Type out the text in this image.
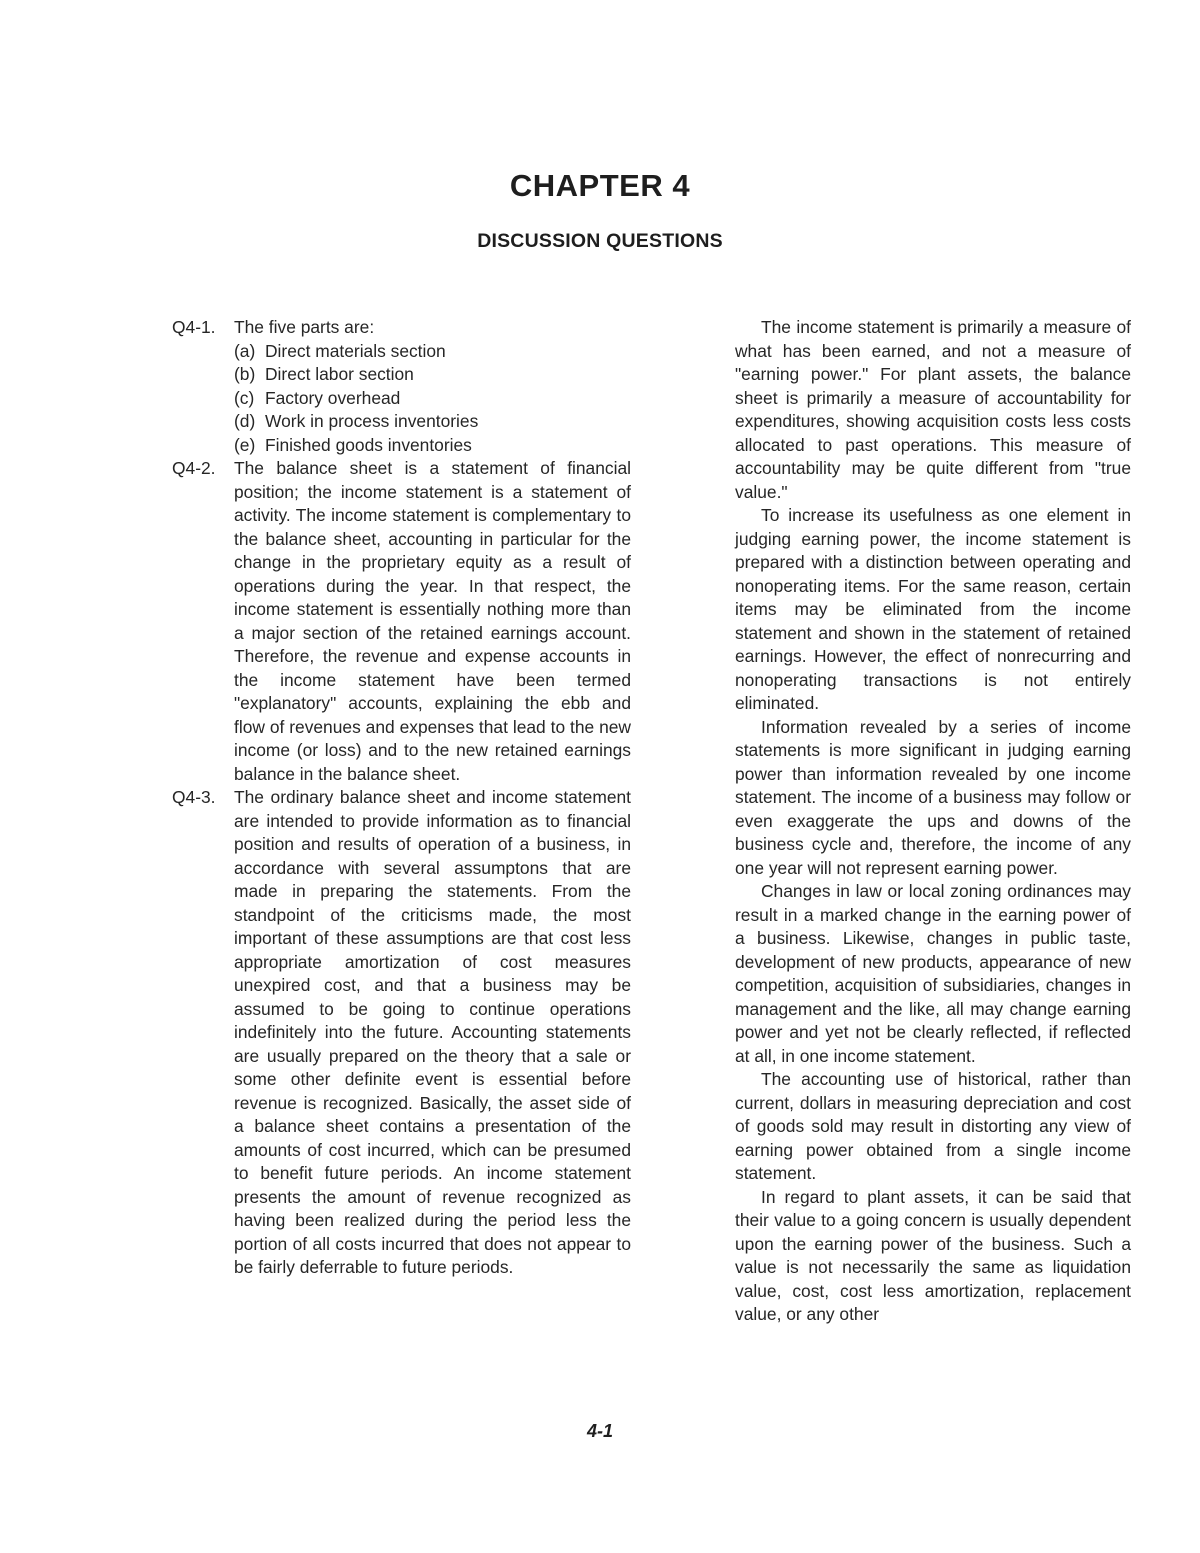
CHAPTER 4
DISCUSSION QUESTIONS
Q4-1. The five parts are:
(a) Direct materials section
(b) Direct labor section
(c) Factory overhead
(d) Work in process inventories
(e) Finished goods inventories

Q4-2. The balance sheet is a statement of financial position; the income statement is a statement of activity. The income statement is complementary to the balance sheet, accounting in particular for the change in the proprietary equity as a result of operations during the year. In that respect, the income statement is essentially nothing more than a major section of the retained earnings account. Therefore, the revenue and expense accounts in the income statement have been termed "explanatory" accounts, explaining the ebb and flow of revenues and expenses that lead to the new income (or loss) and to the new retained earnings balance in the balance sheet.

Q4-3. The ordinary balance sheet and income statement are intended to provide information as to financial position and results of operation of a business, in accordance with several assumptons that are made in preparing the statements. From the standpoint of the criticisms made, the most important of these assumptions are that cost less appropriate amortization of cost measures unexpired cost, and that a business may be assumed to be going to continue operations indefinitely into the future. Accounting statements are usually prepared on the theory that a sale or some other definite event is essential before revenue is recognized. Basically, the asset side of a balance sheet contains a presentation of the amounts of cost incurred, which can be presumed to benefit future periods. An income statement presents the amount of revenue recognized as having been realized during the period less the portion of all costs incurred that does not appear to be fairly deferrable to future periods.

The income statement is primarily a measure of what has been earned, and not a measure of "earning power." For plant assets, the balance sheet is primarily a measure of accountability for expenditures, showing acquisition costs less costs allocated to past operations. This measure of accountability may be quite different from "true value."

To increase its usefulness as one element in judging earning power, the income statement is prepared with a distinction between operating and nonoperating items. For the same reason, certain items may be eliminated from the income statement and shown in the statement of retained earnings. However, the effect of nonrecurring and nonoperating transactions is not entirely eliminated.

Information revealed by a series of income statements is more significant in judging earning power than information revealed by one income statement. The income of a business may follow or even exaggerate the ups and downs of the business cycle and, therefore, the income of any one year will not represent earning power.

Changes in law or local zoning ordinances may result in a marked change in the earning power of a business. Likewise, changes in public taste, development of new products, appearance of new competition, acquisition of subsidiaries, changes in management and the like, all may change earning power and yet not be clearly reflected, if reflected at all, in one income statement.

The accounting use of historical, rather than current, dollars in measuring depreciation and cost of goods sold may result in distorting any view of earning power obtained from a single income statement.

In regard to plant assets, it can be said that their value to a going concern is usually dependent upon the earning power of the business. Such a value is not necessarily the same as liquidation value, cost, cost less amortization, replacement value, or any other

4-1
